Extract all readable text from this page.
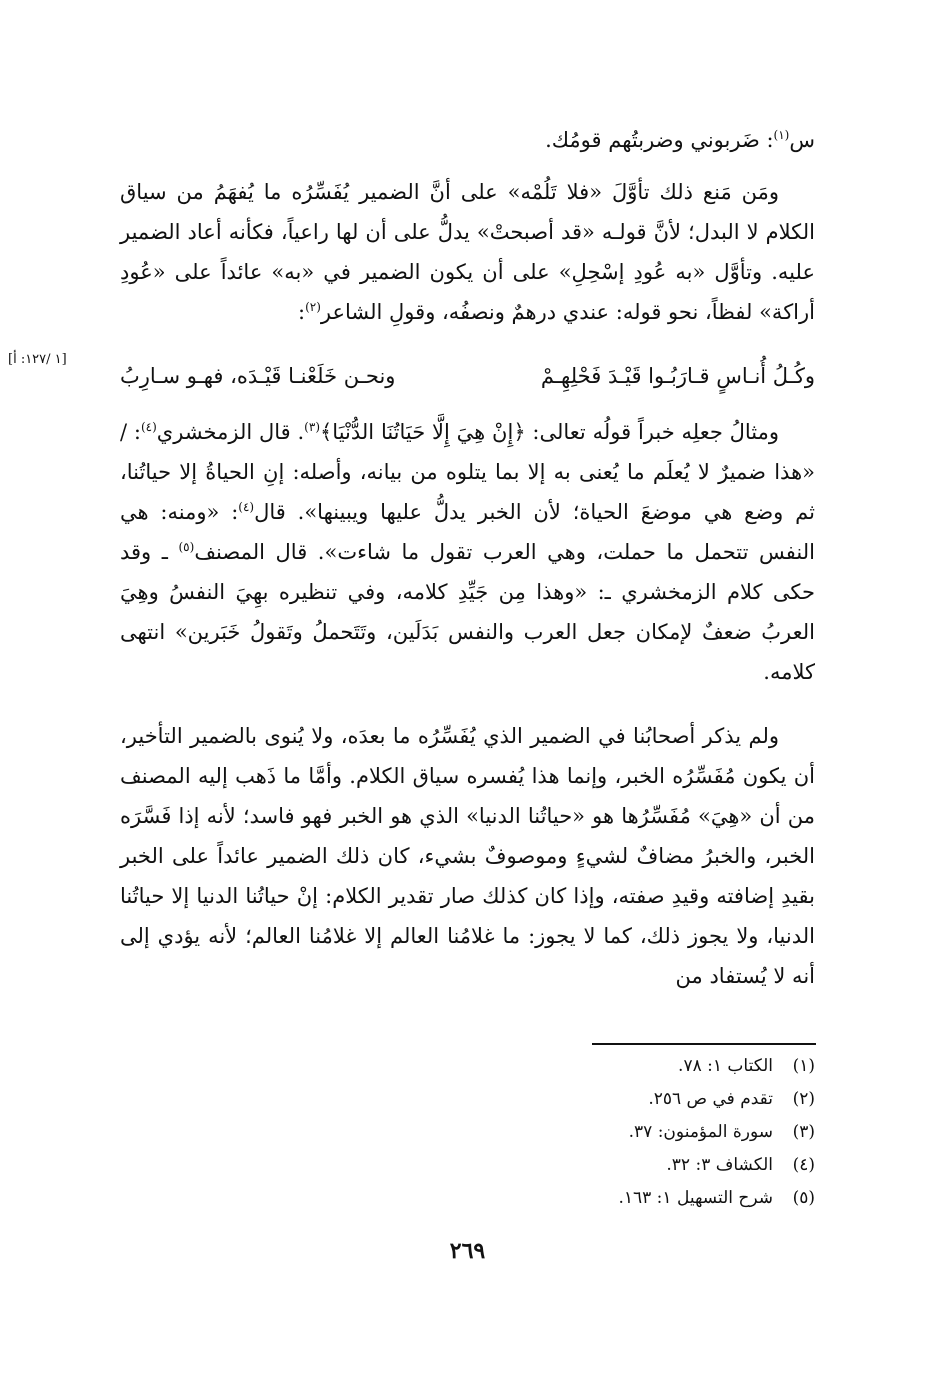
س$^{(١)}$: ضَربوني وضربتُهم قومُك.

ومَن مَنع ذلك تأوَّلَ «فلا تَلُمْه» على أنَّ الضمير يُفَسِّرُه ما يُفهَمُ من سياق الكلام لا البدل؛ لأنَّ قولـه «قد أصبحتْ» يدلُّ على أن لها راعياً، فكأنه أعاد الضمير عليه. وتأوَّل «به عُودِ إسْحِلِ» على أن يكون الضمير في «به» عائداً على «عُودِ أراكة» لفظاً، نحو قوله: عندي درهمٌ ونصفُه، وقولِ الشاعر$^{(٢)}$:

وكُـلُ أُنـاسٍ قـارَبُـوا قَيْـدَ فَحْلِهِـمْ
ونحـن خَلَعْنـا قَيْـدَه، فهـو سـارِبُ

ومثالُ جعلِه خبراً قولُه تعالى: ﴿إِنْ هِيَ إِلَّا حَيَاتُنَا الدُّنْيَا﴾$^{(٣)}$. قال الزمخشري$^{(٤)}$: / «هذا ضميرٌ لا يُعلَم ما يُعنى به إلا بما يتلوه من بيانه، وأصله: إنِ الحياةُ إلا حياتُنا، ثم وضع هي موضعَ الحياة؛ لأن الخبر يدلُّ عليها ويبينها». قال$^{(٤)}$: «ومنه: هي النفس تتحمل ما حملت، وهي العرب تقول ما شاءت». قال المصنف$^{(٥)}$ ـ وقد حكى كلام الزمخشري ـ: «وهذا مِن جَيِّدِ كلامه، وفي تنظيره بهِيَ النفسُ وهِيَ العربُ ضعفٌ لإمكان جعل العرب والنفس بَدَلَين، وتَتَحملُ وتَقولُ خَبَرين» انتهى كلامه.

ولم يذكر أصحابُنا في الضمير الذي يُفَسِّرُه ما بعدَه، ولا يُنوى بالضمير التأخير، أن يكون مُفَسِّرُه الخبر، وإنما هذا يُفسره سياق الكلام. وأمَّا ما ذَهب إليه المصنف من أن «هِيَ» مُفَسِّرُها هو «حياتُنا الدنيا» الذي هو الخبر فهو فاسد؛ لأنه إذا فَسَّرَه الخبر، والخبرُ مضافٌ لشيءٍ وموصوفٌ بشيء، كان ذلك الضمير عائداً على الخبر بقيدِ إضافته وقيدِ صفته، وإذا كان كذلك صار تقدير الكلام: إنْ حياتُنا الدنيا إلا حياتُنا الدنيا، ولا يجوز ذلك، كما لا يجوز: ما غلامُنا العالم إلا غلامُنا العالم؛ لأنه يؤدي إلى أنه لا يُستفاد من

[١ /١٢٧: أ]
(١)
الكتاب ١: ٧٨.
(٢)
تقدم في ص ٢٥٦.
(٣)
سورة المؤمنون: ٣٧.
(٤)
الكشاف ٣: ٣٢.
(٥)
شرح التسهيل ١: ١٦٣.
٢٦٩
